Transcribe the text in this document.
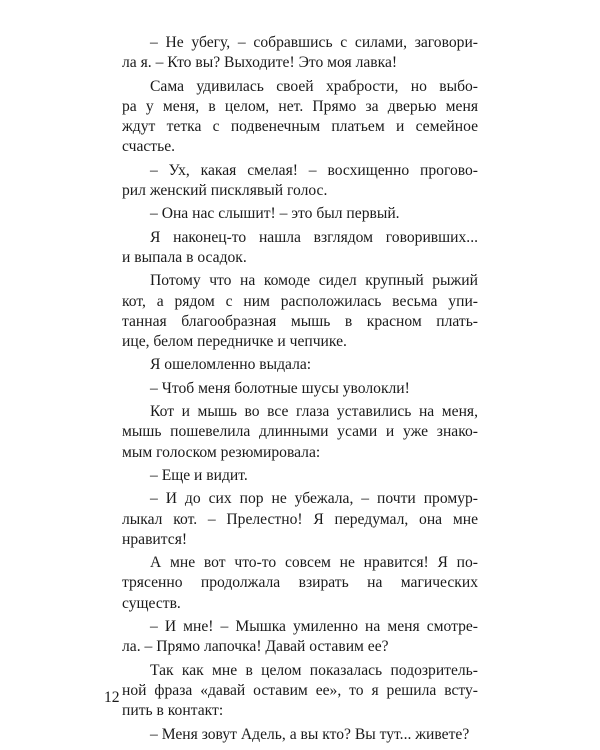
– Не убегу, – собравшись с силами, заговори-
ла я. – Кто вы? Выходите! Это моя лавка!
Сама удивилась своей храбрости, но выбо-
ра у меня, в целом, нет. Прямо за дверью меня
ждут тетка с подвенечным платьем и семейное
счастье.
– Ух, какая смелая! – восхищенно прогово-
рил женский писклявый голос.
– Она нас слышит! – это был первый.
Я наконец-то нашла взглядом говоривших...
и выпала в осадок.
Потому что на комоде сидел крупный рыжий
кот, а рядом с ним расположилась весьма упи-
танная благообразная мышь в красном плать-
ице, белом передничке и чепчике.
Я ошеломленно выдала:
– Чтоб меня болотные шусы уволокли!
Кот и мышь во все глаза уставились на меня,
мышь пошевелила длинными усами и уже знако-
мым голоском резюмировала:
– Еще и видит.
– И до сих пор не убежала, – почти промур-
лыкал кот. – Прелестно! Я передумал, она мне
нравится!
А мне вот что-то совсем не нравится! Я по-
трясенно продолжала взирать на магических
существ.
– И мне! – Мышка умиленно на меня смотре-
ла. – Прямо лапочка! Давай оставим ее?
Так как мне в целом показалась подозритель-
ной фраза «давай оставим ее», то я решила всту-
пить в контакт:
– Меня зовут Адель, а вы кто? Вы тут... живете?
12
